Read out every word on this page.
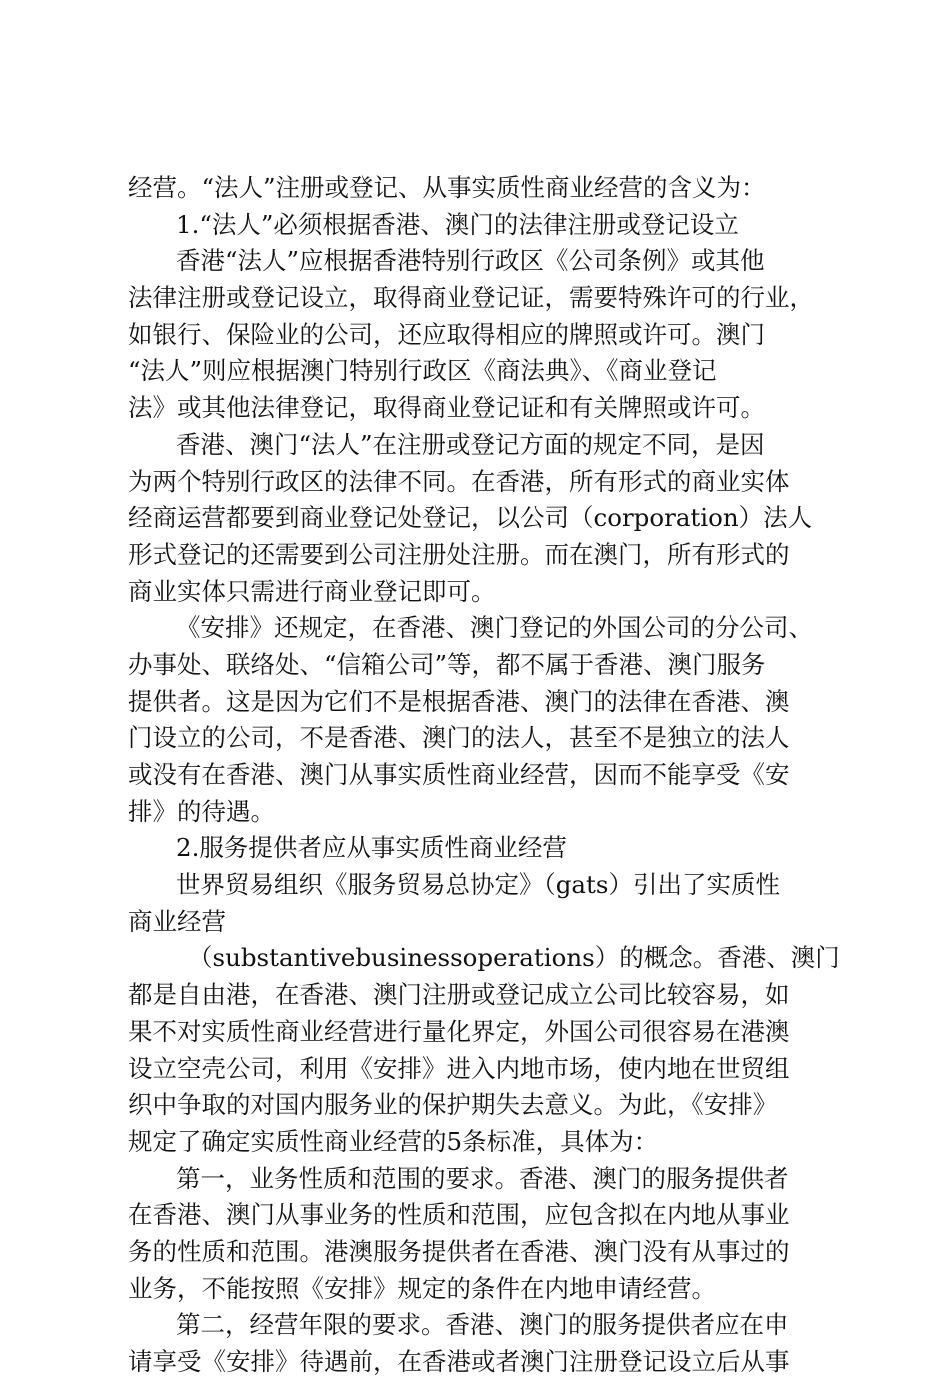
经营。“法人”注册或登记、从事实质性商业经营的含义为：
1.“法人”必须根据香港、澳门的法律注册或登记设立
香港“法人”应根据香港特别行政区《公司条例》或其他
法律注册或登记设立，取得商业登记证，需要特殊许可的行业，
如银行、保险业的公司，还应取得相应的牌照或许可。澳门
“法人”则应根据澳门特别行政区《商法典》、《商业登记
法》或其他法律登记，取得商业登记证和有关牌照或许可。
香港、澳门“法人”在注册或登记方面的规定不同，是因
为两个特别行政区的法律不同。在香港，所有形式的商业实体
经商运营都要到商业登记处登记，以公司（corporation）法人
形式登记的还需要到公司注册处注册。而在澳门，所有形式的
商业实体只需进行商业登记即可。
《安排》还规定，在香港、澳门登记的外国公司的分公司、
办事处、联络处、“信箱公司”等，都不属于香港、澳门服务
提供者。这是因为它们不是根据香港、澳门的法律在香港、澳
门设立的公司，不是香港、澳门的法人，甚至不是独立的法人
或没有在香港、澳门从事实质性商业经营，因而不能享受《安
排》的待遇。
2.服务提供者应从事实质性商业经营
世界贸易组织《服务贸易总协定》（gats）引出了实质性
商业经营
（substantivebusinessoperations）的概念。香港、澳门
都是自由港，在香港、澳门注册或登记成立公司比较容易，如
果不对实质性商业经营进行量化界定，外国公司很容易在港澳
设立空壳公司，利用《安排》进入内地市场，使内地在世贸组
织中争取的对国内服务业的保护期失去意义。为此，《安排》
规定了确定实质性商业经营的5条标准，具体为：
第一，业务性质和范围的要求。香港、澳门的服务提供者
在香港、澳门从事业务的性质和范围，应包含拟在内地从事业
务的性质和范围。港澳服务提供者在香港、澳门没有从事过的
业务，不能按照《安排》规定的条件在内地申请经营。
第二，经营年限的要求。香港、澳门的服务提供者应在申
请享受《安排》待遇前，在香港或者澳门注册登记设立后从事
